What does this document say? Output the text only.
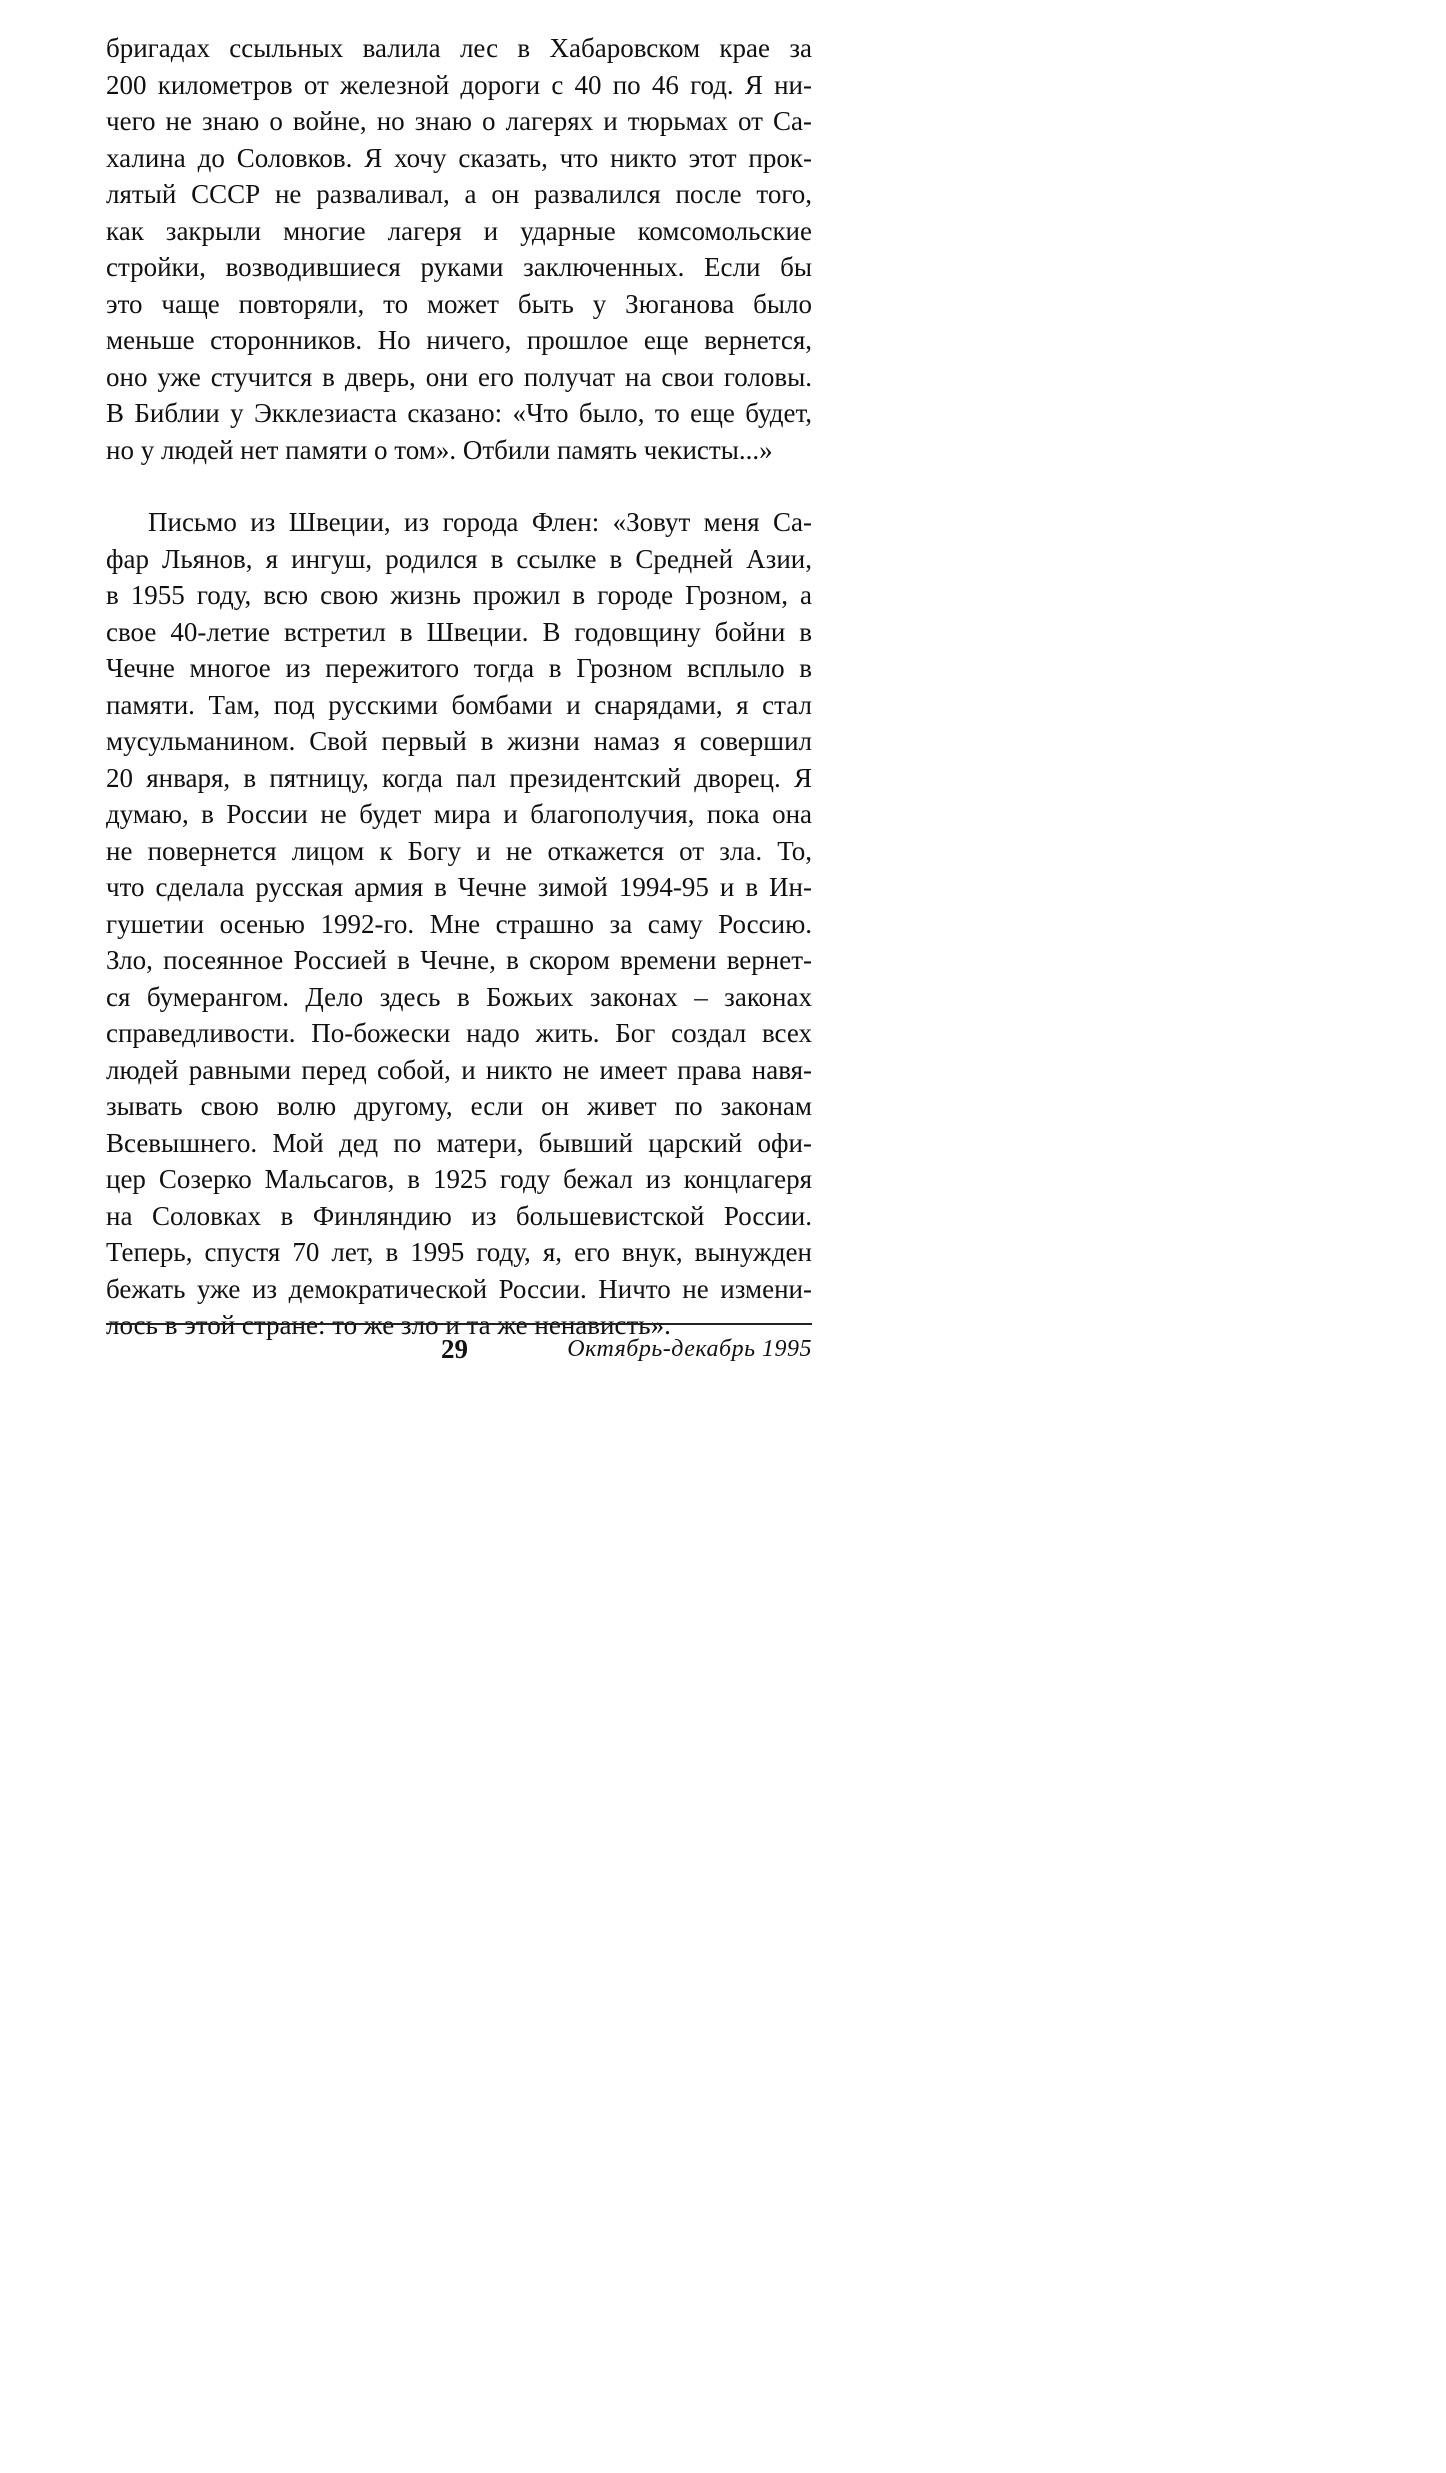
бригадах ссыльных валила лес в Хабаровском крае за
200 километров от железной дороги с 40 по 46 год. Я ни-
чего не знаю о войне, но знаю о лагерях и тюрьмах от Са-
халина до Соловков. Я хочу сказать, что никто этот прок-
лятый СССР не разваливал, а он развалился после того,
как закрыли многие лагеря и ударные комсомольские
стройки, возводившиеся руками заключенных. Если бы
это чаще повторяли, то может быть у Зюганова было
меньше сторонников. Но ничего, прошлое еще вернется,
оно уже стучится в дверь, они его получат на свои головы.
В Библии у Экклезиаста сказано: «Что было, то еще будет,
но у людей нет памяти о том». Отбили память чекисты...»

Письмо из Швеции, из города Флен: «Зовут меня Са-
фар Льянов, я ингуш, родился в ссылке в Средней Азии,
в 1955 году, всю свою жизнь прожил в городе Грозном, а
свое 40-летие встретил в Швеции. В годовщину бойни в
Чечне многое из пережитого тогда в Грозном всплыло в
памяти. Там, под русскими бомбами и снарядами, я стал
мусульманином. Свой первый в жизни намаз я совершил
20 января, в пятницу, когда пал президентский дворец. Я
думаю, в России не будет мира и благополучия, пока она
не повернется лицом к Богу и не откажется от зла. То,
что сделала русская армия в Чечне зимой 1994-95 и в Ин-
гушетии осенью 1992-го. Мне страшно за саму Россию.
Зло, посеянное Россией в Чечне, в скором времени вернет-
ся бумерангом. Дело здесь в Божьих законах – законах
справедливости. По-божески надо жить. Бог создал всех
людей равными перед собой, и никто не имеет права навя-
зывать свою волю другому, если он живет по законам
Всевышнего. Мой дед по матери, бывший царский офи-
цер Созерко Мальсагов, в 1925 году бежал из концлагеря
на Соловках в Финляндию из большевистской России.
Теперь, спустя 70 лет, в 1995 году, я, его внук, вынужден
бежать уже из демократической России. Ничто не измени-
лось в этой стране: то же зло и та же ненависть».

29	Октябрь-декабрь 1995
